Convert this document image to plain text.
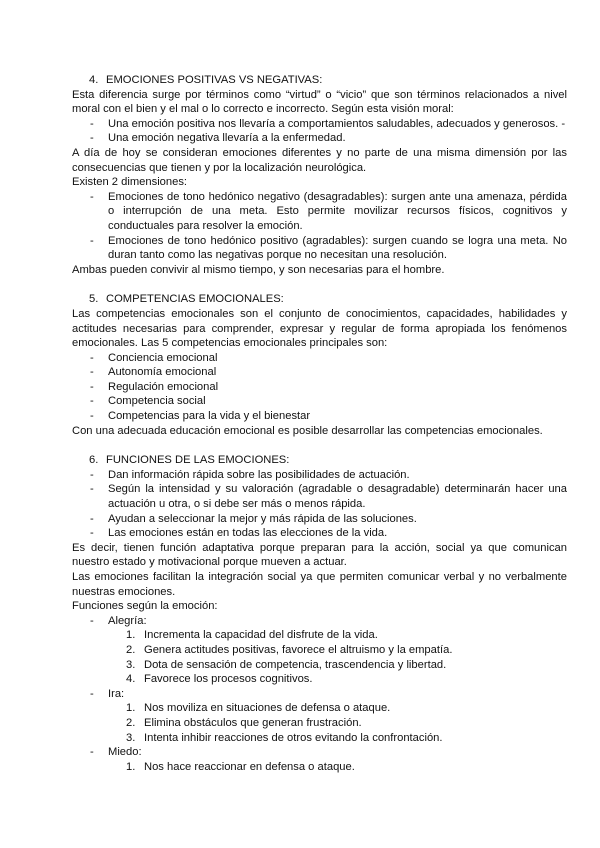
4. EMOCIONES POSITIVAS VS NEGATIVAS:

Esta diferencia surge por términos como “virtud” o “vicio” que son términos relacionados a nivel moral con el bien y el mal o lo correcto e incorrecto. Según esta visión moral:

- Una emoción positiva nos llevaría a comportamientos saludables, adecuados y generosos. -
- Una emoción negativa llevaría a la enfermedad.

A día de hoy se consideran emociones diferentes y no parte de una misma dimensión por las consecuencias que tienen y por la localización neurológica.

Existen 2 dimensiones:

- Emociones de tono hedónico negativo (desagradables): surgen ante una amenaza, pérdida o interrupción de una meta. Esto permite movilizar recursos físicos, cognitivos y conductuales para resolver la emoción.
- Emociones de tono hedónico positivo (agradables): surgen cuando se logra una meta. No duran tanto como las negativas porque no necesitan una resolución.

Ambas pueden convivir al mismo tiempo, y son necesarias para el hombre.

5. COMPETENCIAS EMOCIONALES:

Las competencias emocionales son el conjunto de conocimientos, capacidades, habilidades y actitudes necesarias para comprender, expresar y regular de forma apropiada los fenómenos emocionales. Las 5 competencias emocionales principales son:

- Conciencia emocional
- Autonomía emocional
- Regulación emocional
- Competencia social
- Competencias para la vida y el bienestar

Con una adecuada educación emocional es posible desarrollar las competencias emocionales.

6. FUNCIONES DE LAS EMOCIONES:

- Dan información rápida sobre las posibilidades de actuación.
- Según la intensidad y su valoración (agradable o desagradable) determinarán hacer una actuación u otra, o si debe ser más o menos rápida.
- Ayudan a seleccionar la mejor y más rápida de las soluciones.
- Las emociones están en todas las elecciones de la vida.

Es decir, tienen función adaptativa porque preparan para la acción, social ya que comunican nuestro estado y motivacional porque mueven a actuar.

Las emociones facilitan la integración social ya que permiten comunicar verbal y no verbalmente nuestras emociones.

Funciones según la emoción:

- Alegría:
1. Incrementa la capacidad del disfrute de la vida.
2. Genera actitudes positivas, favorece el altruismo y la empatía.
3. Dota de sensación de competencia, trascendencia y libertad.
4. Favorece los procesos cognitivos.
- Ira:
1. Nos moviliza en situaciones de defensa o ataque.
2. Elimina obstáculos que generan frustración.
3. Intenta inhibir reacciones de otros evitando la confrontación.
- Miedo:
1. Nos hace reaccionar en defensa o ataque.
